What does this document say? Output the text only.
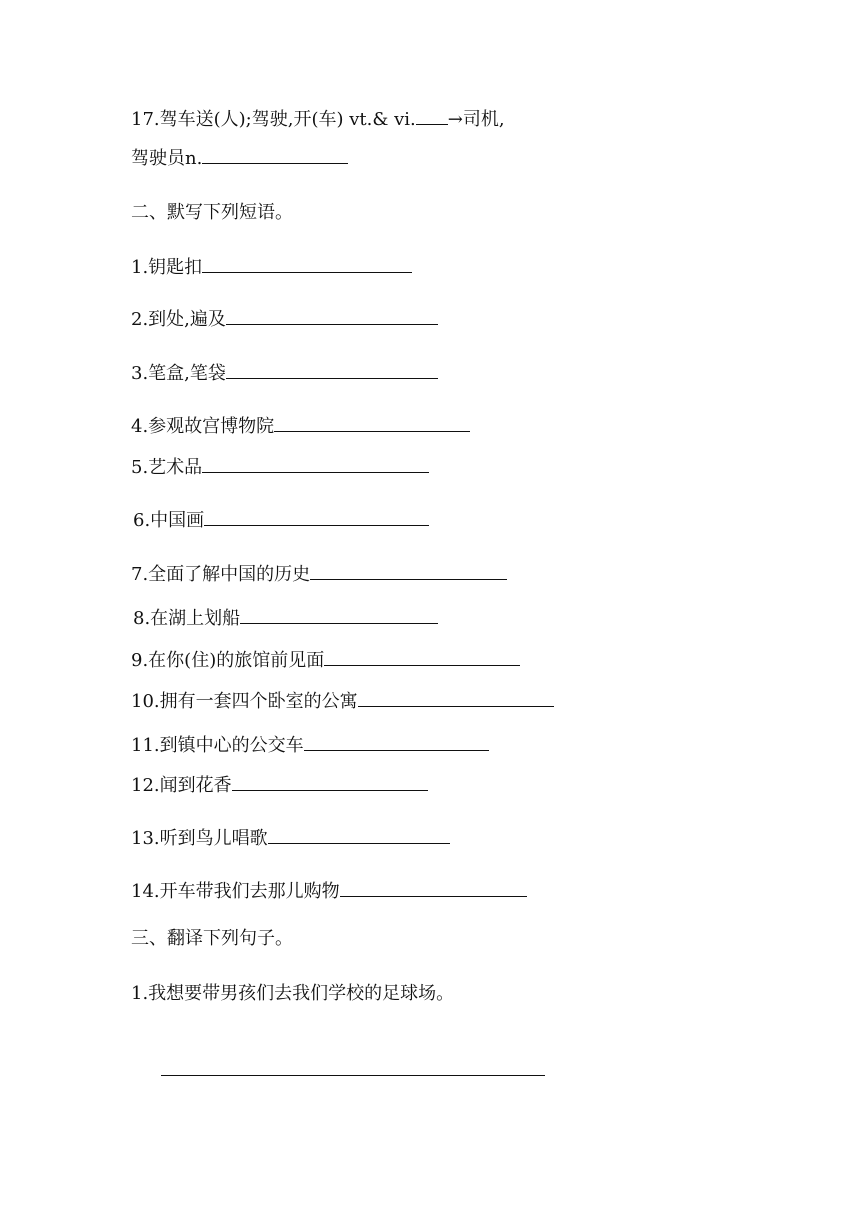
17.驾车送(人);驾驶,开(车) vt.& vi. →司机,
驾驶员n.
二、默写下列短语。
1.钥匙扣
2.到处,遍及
3.笔盒,笔袋
4.参观故宫博物院
5.艺术品
6.中国画
7.全面了解中国的历史
8.在湖上划船
9.在你(住)的旅馆前见面
10.拥有一套四个卧室的公寓
11.到镇中心的公交车
12.闻到花香
13.听到鸟儿唱歌
14.开车带我们去那儿购物
三、翻译下列句子。
1.我想要带男孩们去我们学校的足球场。
